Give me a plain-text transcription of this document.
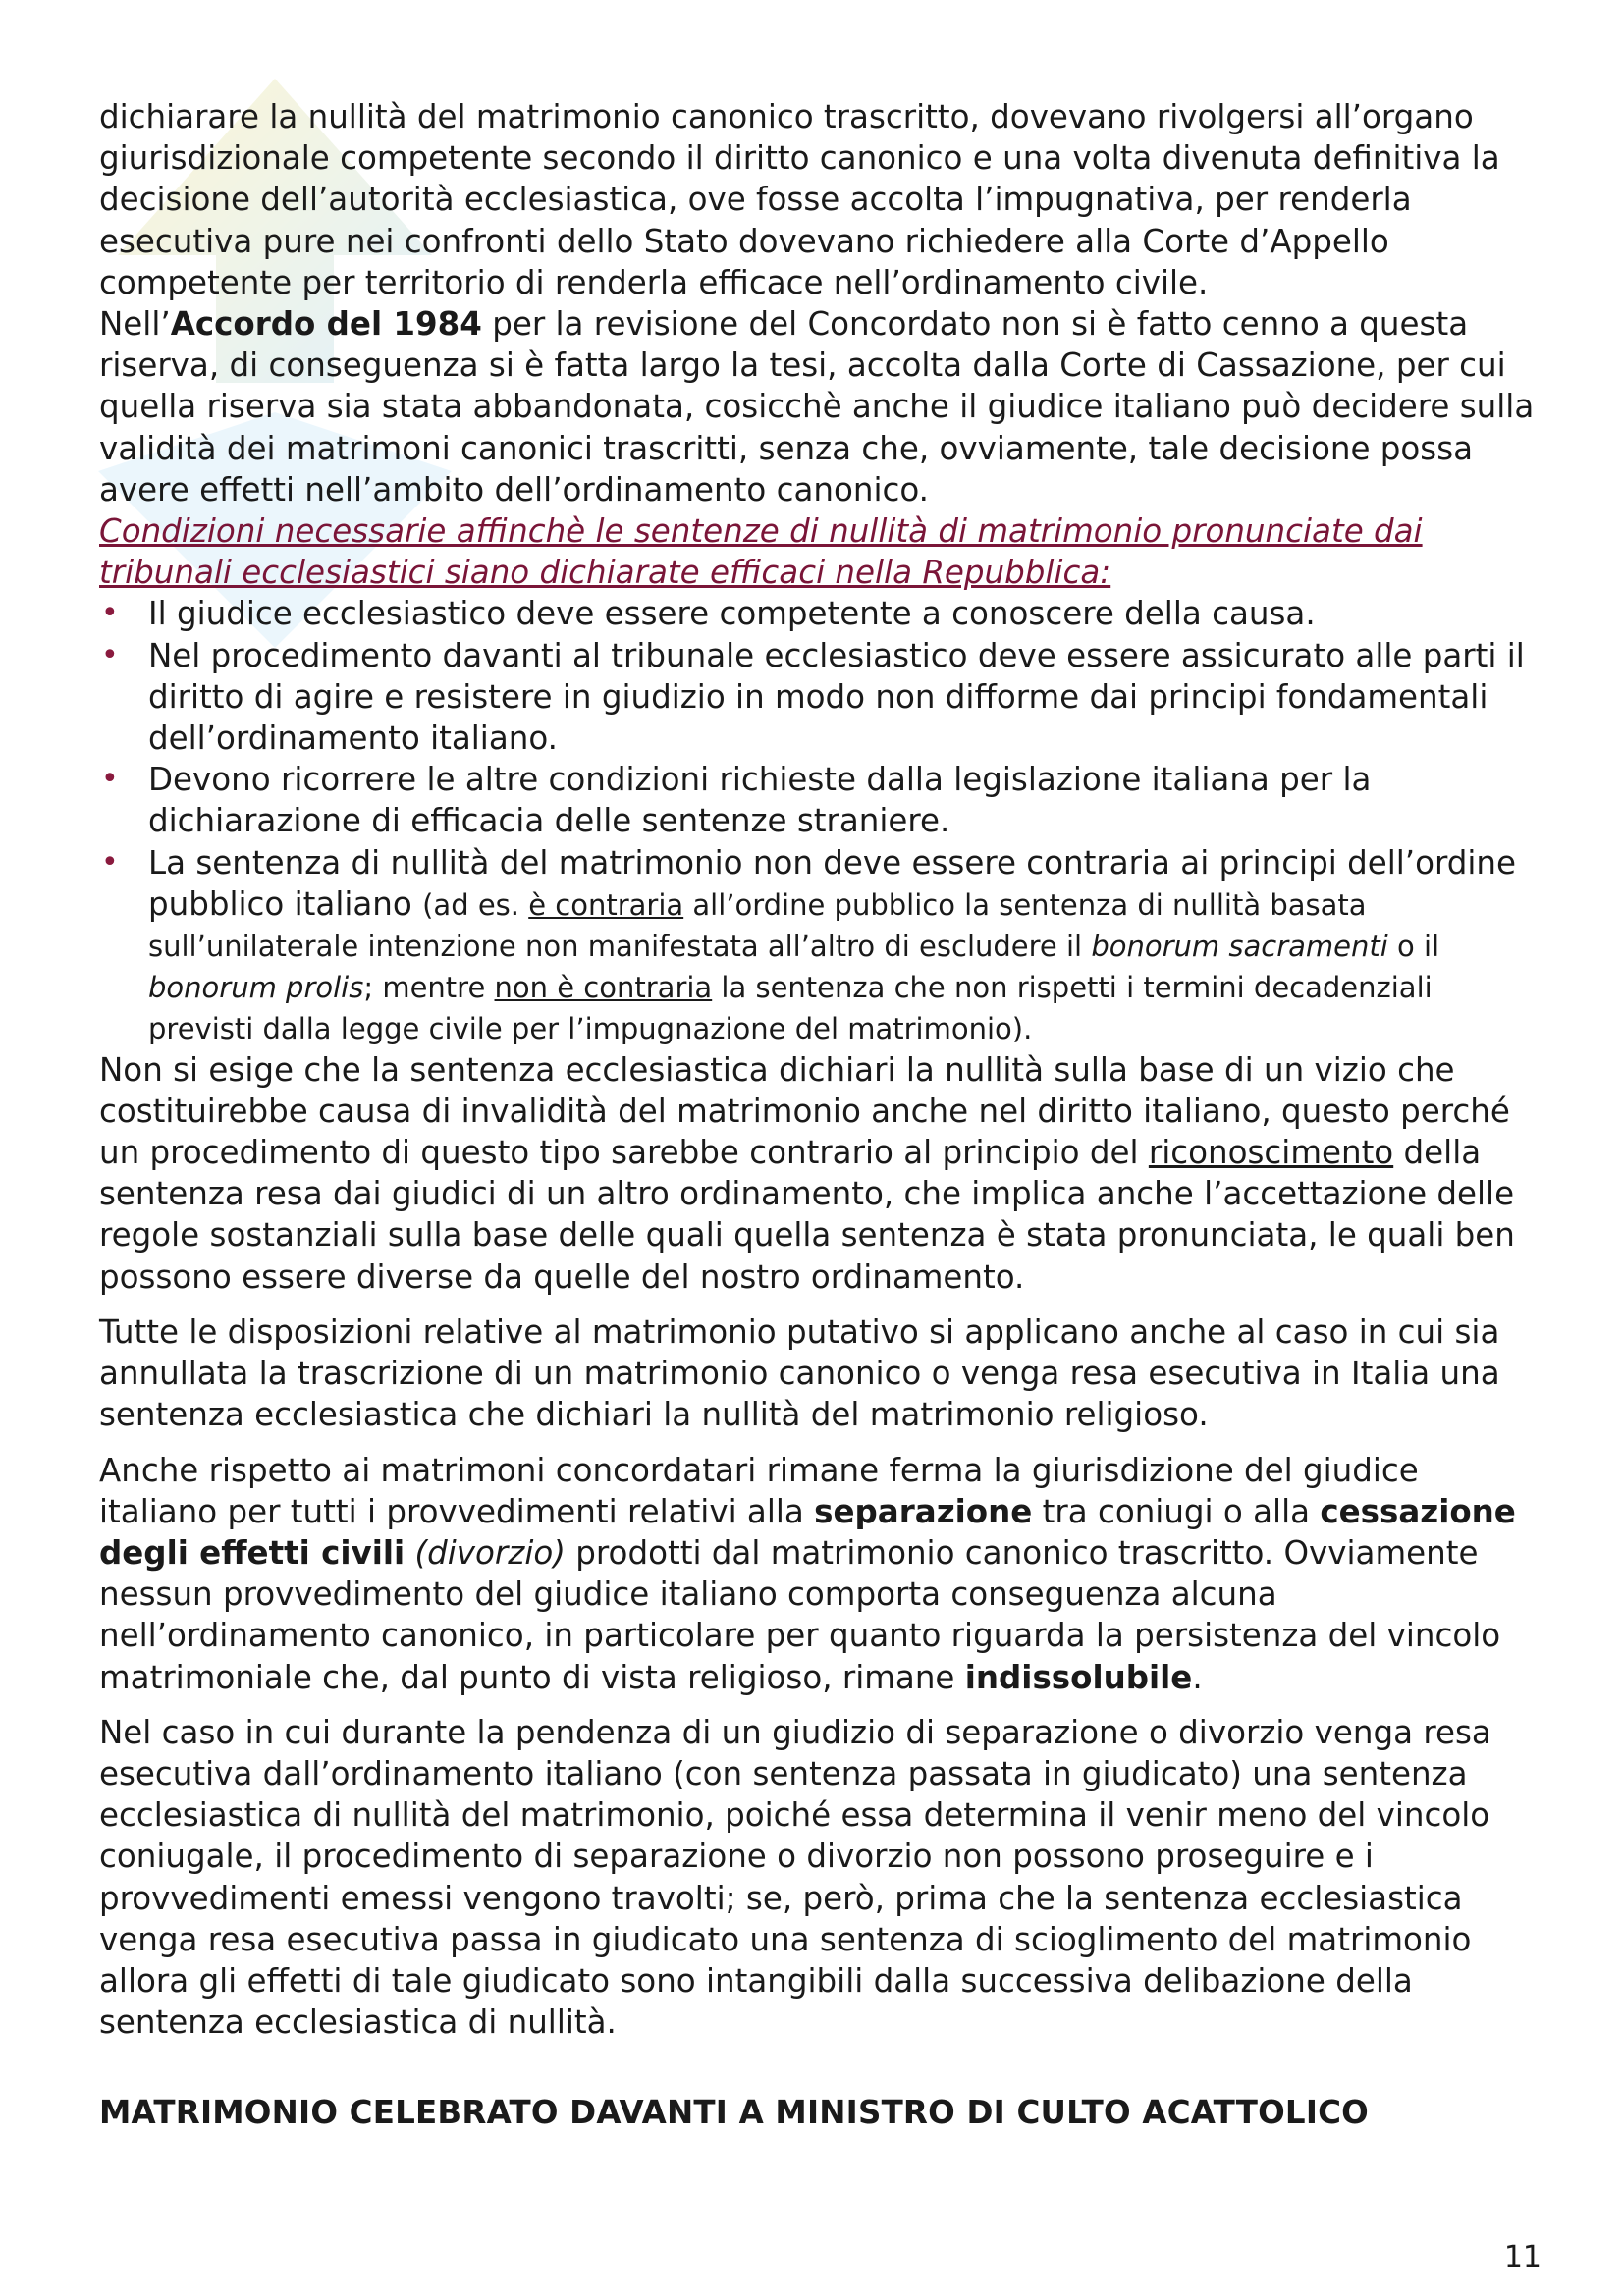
dichiarare la nullità del matrimonio canonico trascritto, dovevano rivolgersi all’organo giurisdizionale competente secondo il diritto canonico e una volta divenuta definitiva la decisione dell’autorità ecclesiastica, ove fosse accolta l’impugnativa, per renderla esecutiva pure nei confronti dello Stato dovevano richiedere alla Corte d’Appello competente per territorio di renderla efficace nell’ordinamento civile.

Nell’Accordo del 1984 per la revisione del Concordato non si è fatto cenno a questa riserva, di conseguenza si è fatta largo la tesi, accolta dalla Corte di Cassazione, per cui quella riserva sia stata abbandonata, cosicchè anche il giudice italiano può decidere sulla validità dei matrimoni canonici trascritti, senza che, ovviamente, tale decisione possa avere effetti nell’ambito dell’ordinamento canonico.

Condizioni necessarie affinchè le sentenze di nullità di matrimonio pronunciate dai tribunali ecclesiastici siano dichiarate efficaci nella Repubblica:

• Il giudice ecclesiastico deve essere competente a conoscere della causa.
• Nel procedimento davanti al tribunale ecclesiastico deve essere assicurato alle parti il diritto di agire e resistere in giudizio in modo non difforme dai principi fondamentali dell’ordinamento italiano.
• Devono ricorrere le altre condizioni richieste dalla legislazione italiana per la dichiarazione di efficacia delle sentenze straniere.
• La sentenza di nullità del matrimonio non deve essere contraria ai principi dell’ordine pubblico italiano (ad es. è contraria all’ordine pubblico la sentenza di nullità basata sull’unilaterale intenzione non manifestata all’altro di escludere il bonorum sacramenti o il bonorum prolis; mentre non è contraria la sentenza che non rispetti i termini decadenziali previsti dalla legge civile per l’impugnazione del matrimonio).

Non si esige che la sentenza ecclesiastica dichiari la nullità sulla base di un vizio che costituirebbe causa di invalidità del matrimonio anche nel diritto italiano, questo perché un procedimento di questo tipo sarebbe contrario al principio del riconoscimento della sentenza resa dai giudici di un altro ordinamento, che implica anche l’accettazione delle regole sostanziali sulla base delle quali quella sentenza è stata pronunciata, le quali ben possono essere diverse da quelle del nostro ordinamento.

Tutte le disposizioni relative al matrimonio putativo si applicano anche al caso in cui sia annullata la trascrizione di un matrimonio canonico o venga resa esecutiva in Italia una sentenza ecclesiastica che dichiari la nullità del matrimonio religioso.

Anche rispetto ai matrimoni concordatari rimane ferma la giurisdizione del giudice italiano per tutti i provvedimenti relativi alla separazione tra coniugi o alla cessazione degli effetti civili (divorzio) prodotti dal matrimonio canonico trascritto. Ovviamente nessun provvedimento del giudice italiano comporta conseguenza alcuna nell’ordinamento canonico, in particolare per quanto riguarda la persistenza del vincolo matrimoniale che, dal punto di vista religioso, rimane indissolubile.

Nel caso in cui durante la pendenza di un giudizio di separazione o divorzio venga resa esecutiva dall’ordinamento italiano (con sentenza passata in giudicato) una sentenza ecclesiastica di nullità del matrimonio, poiché essa determina il venir meno del vincolo coniugale, il procedimento di separazione o divorzio non possono proseguire e i provvedimenti emessi vengono travolti; se, però, prima che la sentenza ecclesiastica venga resa esecutiva passa in giudicato una sentenza di scioglimento del matrimonio allora gli effetti di tale giudicato sono intangibili dalla successiva delibazione della sentenza ecclesiastica di nullità.

MATRIMONIO CELEBRATO DAVANTI A MINISTRO DI CULTO ACATTOLICO

11
